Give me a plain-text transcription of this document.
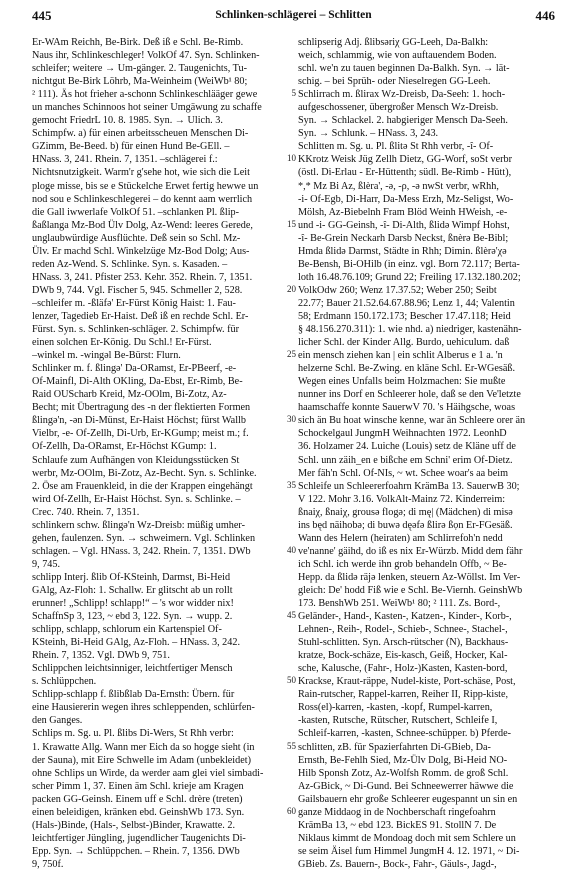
445	Schlinken-schlägerei – Schlitten	446

Er-WAm Reichh, Be-Birk. Deß iß e Schl. Be-Rimb.

Naus ihr, Schlinkeschleger! VolkOf 47. Syn. Schlinken-

schleifer; weitere → Um-gänger. 2. Taugenichts, Tu-

nichtgut Be-Birk Löhrb, Ma-Weinheim (WeiWb¹ 80;

² 111). Äs hot frieher a-schonn Schlinkeschlääger gewe

un manches Schinnoos hot seiner Umgäwung zu schaffe

gemocht FriedrL 10. 8. 1985. Syn. → Ulich. 3.

Schimpfw. a) für einen arbeitsscheuen Menschen Di-

GZimm, Be-Beed. b) für einen Hund Be-GEll. –

HNass. 3, 241. Rhein. 7, 1351. –schlägerei f.:

Nichtsnutzigkeit. Warm'r g'sehe hot, wie sich die Leit

ploge misse, bis se e Stückelche Erwet fertig hewwe un

nod sou e Schlinkeschlegerei – do kennt aam werrlich

die Gall iwwerlafe VolkOf 51. –schlanken Pl. ßlip-

ßaßlanga Mz-Bod Ülv Dolg, Az-Wend: leeres Gerede,

unglaubwürdige Ausflüchte. Deß sein so Schl. Mz-

Ülv. Er machd Schl. Winkelzüge Mz-Bod Dolg; Aus-

reden Az-Wend. S. Schlinke. Syn. s. Kasaden. –

HNass. 3, 241. Pfister 253. Kehr. 352. Rhein. 7, 1351.

DWb 9, 744. Vgl. Fischer 5, 945. Schmeller 2, 528.

–schleifer m. -ßläfə' Er-Fürst König Haist: 1. Fau-

lenzer, Tagedieb Er-Haist. Deß iß en rechde Schl. Er-

Fürst. Syn. s. Schlinken-schläger. 2. Schimpfw. für

einen solchen Er-König. Du Schl.! Er-Fürst.

–winkel m. -wingəl Be-Bürst: Flurn.

Schlinker m. f. ßlingə' Da-ORamst, Er-PBeerf, -e-

Of-Mainfl, Di-Alth OKling, Da-Ebst, Er-Rimb, Be-

Raid OUScharb Kreid, Mz-OOlm, Bi-Zotz, Az-

Becht; mit Übertragung des -n der flektierten Formen

ßlingə'n, -ən Di-Münst, Er-Haist Höchst; fürst Wallb

Vielbr, -e- Of-Zellh, Di-Urb, Er-KGump; meist m.; f.

Of-Zellh, Da-ORamst, Er-Höchst KGump: 1.

Schlaufe zum Aufhängen von Kleidungsstücken St

werbr, Mz-OOlm, Bi-Zotz, Az-Becht. Syn. s. Schlinke.

2. Öse am Frauenkleid, in die der Krappen eingehängt

wird Of-Zellh, Er-Haist Höchst. Syn. s. Schlinke. –

Crec. 740. Rhein. 7, 1351.

schlinkern schw. ßlingə'n Wz-Dreisb: müßig umher-

gehen, faulenzen. Syn. → schweimern. Vgl. Schlinken

schlagen. – Vgl. HNass. 3, 242. Rhein. 7, 1351. DWb

9, 745.

schlipp Interj. ßlib Of-KSteinh, Darmst, Bi-Heid

GAlg, Az-Floh: 1. Schallw. Er glitscht ab un rollt

erunner! „Schlipp! schlapp!“ – 's wor widder nix!

SchaffnSp 3, 123, ~ ebd 3, 122. Syn. → wupp. 2.

schlipp, schlapp, schlorum ein Kartenspiel Of-

KSteinh, Bi-Heid GAlg, Az-Floh. – HNass. 3, 242.

Rhein. 7, 1352. Vgl. DWb 9, 751.

Schlippchen leichtsinniger, leichtfertiger Mensch

s. Schlüppchen.

Schlipp-schlapp f. ßlibßlab Da-Ernsth: Übern. für

eine Hausiererin wegen ihres schleppenden, schlürfen-

den Ganges.

Schlips m. Sg. u. Pl. ßlibs Di-Wers, St Rhh verbr:

1. Krawatte Allg. Wann mer Eich da so hogge sieht (in

der Sauna), mit Eire Schwelle im Adam (unbekleidet)

ohne Schlips un Wirde, da werder aam glei viel simbadi-

scher Pimm 1, 37. Einen äm Schl. krieje am Kragen

packen GG-Geinsh. Einem uff e Schl. drère (treten)

einen beleidigen, kränken ebd. GeinshWb 173. Syn.

(Hals-)Binde, (Hals-, Selbst-)Binder, Krawatte. 2.

leichtfertiger Jüngling, jugendlicher Taugenichts Di-

Epp. Syn. → Schlüppchen. – Rhein. 7, 1356. DWb

9, 750f.

5
10
15
20
25
30
35
40
45
50
55
60

schlipserig Adj. ßlibsəriχ GG-Leeh, Da-Balkh:

weich, schlammig, wie von auftauendem Boden.

schl. we'n zu tauen beginnen Da-Balkh. Syn. → lät-

schig. – bei Sprüh- oder Nieselregen GG-Leeh.

Schlirrach m. ßlirax Wz-Dreisb, Da-Seeh: 1. hoch-

aufgeschossener, übergroßer Mensch Wz-Dreisb.

Syn. → Schlackel. 2. habgieriger Mensch Da-Seeh.

Syn. → Schlunk. – HNass. 3, 243.

Schlitten m. Sg. u. Pl. ßlitə St Rhh verbr, -î- Of-

KKrotz Weisk Jüg Zellh Dietz, GG-Worf, soSt verbr

(östl. Di-Erlau - Er-Hüttenth; südl. Be-Rimb - Hütt),

*,* Mz Bi Az, ßlèra', -ə, -ρ, -ə nwSt verbr, wRhh,

-i- Of-Egb, Di-Harr, Da-Mess Erzh, Mz-Seligst, Wo-

Mölsh, Az-Biebelnh Fram Blöd Weinh HWeish, -e-

und -i- GG-Geinsh, -î- Di-Alth, ßlidə Wimpf Hohst,

-î- Be-Grein Neckarh Darsb Neckst, ßnèrə Be-Bibl;

Hmda ßlidə Darmst, Städte in Rhh; Dimin. ßlèrə'χə

Be-Bensh, Bi-OHilb (in einz. vgl. Born 72.117; Berta-

loth 16.48.76.109; Grund 22; Freiling 17.132.180.202;

VolkOdw 260; Wenz 17.37.52; Weber 250; Seibt

22.77; Bauer 21.52.64.67.88.96; Lenz 1, 44; Valentin

58; Erdmann 150.172.173; Bescher 17.47.118; Heid

§ 48.156.270.311): 1. wie nhd. a) niedriger, kastenähn-

licher Schl. der Kinder Allg. Burdo, uehiculum. daß

ein mensch ziehen kan | ein schlit Alberus e 1 a. 'n

helzerne Schl. Be-Zwing. en kläne Schl. Er-WGesäß.

Wegen eines Unfalls beim Holzmachen: Sie mußte

nunner ins Dorf en Schleerer hole, daß se den Ve'letzte

haamschaffe konnte SauerwV 70. 's Häihgsche, woas

sich än Bu hoat winsche kenne, war än Schleere orer än

Schockelgaul JungmH Weihnachten 1972. LeonhD

36. Holzamer 24. Luiche (Louis) setz de Kläne uff de

Schl. unn zäih_en e bißche em Schni' erim Of-Dietz.

Mer fäh'n Schl. Of-NIs, ~ wt. Schee woar's aa beim

Schleife un Schleererfoahrn KrämBa 13. SauerwB 30;

V 122. Mohr 3.16. VolkAlt-Mainz 72. Kinderreim:

ßnaiχ, ßnaiχ, grousə flogə; di mę| (Mädchen) di misə

ins będ näihobə; di buwə dęəfə ßlirə ßọn Er-FGesäß.

Wann des Helern (heiraten) am Schlirrefoh'n nedd

ve'nanne' gäihd, do iß es nix Er-Würzb. Midd dem fähr

ich Schl. ich werde ihn grob behandeln Offb, ~ Be-

Hepp. da ßlidə räjə lenken, steuern Az-Wöllst. Im Ver-

gleich: De' hodd Fiß wie e Schl. Be-Viernh. GeinshWb

173. BenshWb 251. WeiWb¹ 80; ² 111. Zs. Bord-,

Geländer-, Hand-, Kasten-, Katzen-, Kinder-, Korb-,

Lehnen-, Reih-, Rodel-, Schieb-, Schnee-, Stachel-,

Stuhl-schlitten. Syn. Arsch-rütscher (N), Backhaus-

kratze, Bock-schäze, Eis-kasch, Geiß, Hocker, Kal-

sche, Kalusche, (Fahr-, Holz-)Kasten, Kasten-bord,

Krackse, Kraut-räppe, Nudel-kiste, Port-schäse, Post,

Rain-rutscher, Rappel-karren, Reiher II, Ripp-kiste,

Ross(el)-karren, -kasten, -kopf, Rumpel-karren,

-kasten, Rutsche, Rütscher, Rutschert, Schleife I,

Schleif-karren, -kasten, Schnee-schüpper. b) Pferde-

schlitten, zB. für Spazierfahrten Di-GBieb, Da-

Ernsth, Be-Fehlh Sied, Mz-Ülv Dolg, Bi-Heid NO-

Hilb Sponsh Zotz, Az-Wolfsh Romm. de groß Schl.

Az-GBick, ~ Di-Gund. Bei Schneewerrer häwwe die

Gailsbauern ehr große Schleerer eugespannt un sin en

ganze Middaog in de Nochberschaft ringefoahrn

KrämBa 13, ~ ebd 123. BickES 91. StollN 7. De

Niklaus kimmt de Mondoag doch mit sem Schlere un

se seim Äisel fum Himmel JungmH 4. 12. 1971, ~ Di-

GBieb. Zs. Bauern-, Bock-, Fahr-, Gäuls-, Jagd-,
